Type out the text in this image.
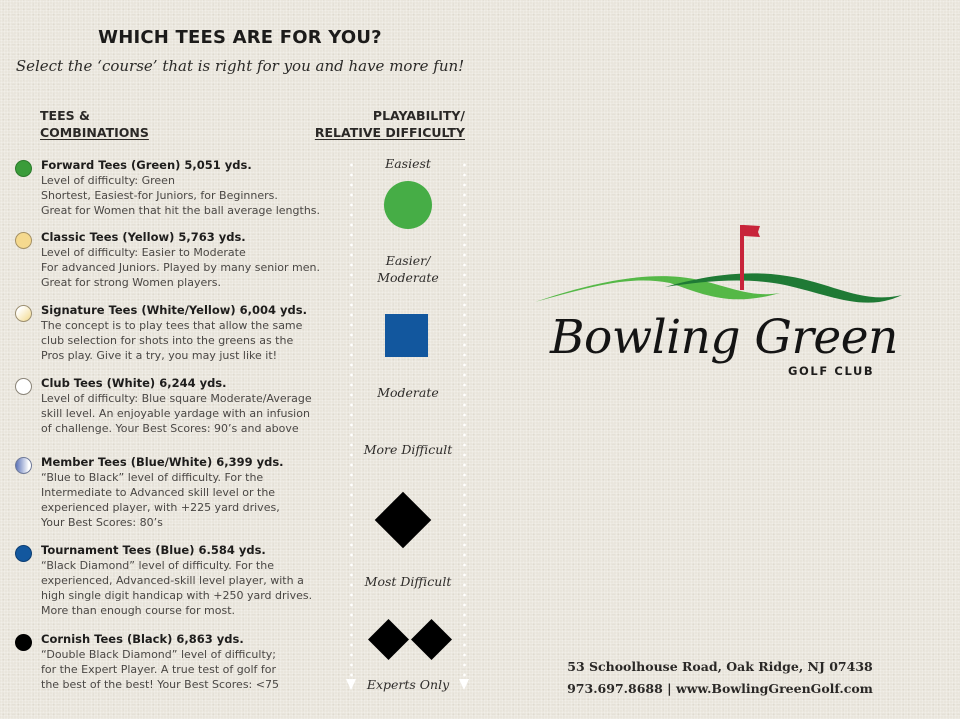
WHICH TEES ARE FOR YOU?
Select the ‘course’ that is right for you and have more fun!
TEES &
COMBINATIONS
PLAYABILITY/
RELATIVE DIFFICULTY
Forward Tees (Green) 5,051 yds.
Level of difficulty: Green
Shortest, Easiest-for Juniors, for Beginners.
Great for Women that hit the ball average lengths.
Classic Tees (Yellow) 5,763 yds.
Level of difficulty: Easier to Moderate
For advanced Juniors. Played by many senior men.
Great for strong Women players.
Signature Tees (White/Yellow) 6,004 yds.
The concept is to play tees that allow the same
club selection for shots into the greens as the
Pros play. Give it a try, you may just like it!
Club Tees (White) 6,244 yds.
Level of difficulty: Blue square Moderate/Average
skill level. An enjoyable yardage with an infusion
of challenge. Your Best Scores: 90’s and above
Member Tees (Blue/White) 6,399 yds.
“Blue to Black” level of difficulty. For the
Intermediate to Advanced skill level or the
experienced player, with +225 yard drives,
Your Best Scores: 80’s
Tournament Tees (Blue) 6.584 yds.
“Black Diamond” level of difficulty. For the
experienced, Advanced-skill level player, with a
high single digit handicap with +250 yard drives.
More than enough course for most.
Cornish Tees (Black) 6,863 yds.
“Double Black Diamond” level of difficulty;
for the Expert Player. A true test of golf for
the best of the best! Your Best Scores: <75
Easiest
Easier/
Moderate
Moderate
More Difficult
Most Difficult
Experts Only
Bowling Green
GOLF CLUB
53 Schoolhouse Road, Oak Ridge, NJ 07438
973.697.8688 | www.BowlingGreenGolf.com
